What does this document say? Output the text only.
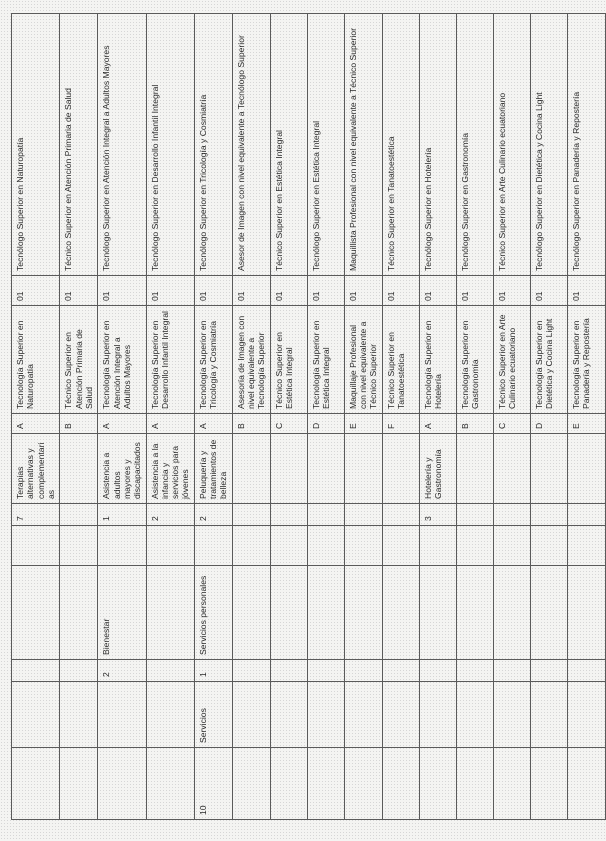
					7	Terapias alternativas y complementarias	A	Tecnología Superior en Naturopatía	01	Tecnólogo Superior en Naturopatía
							B	Técnico Superior en Atención Primaria de Salud	01	Técnico Superior en Atención Primaria de Salud
		2	Bienestar		1	Asistencia a adultos mayores y discapacitados	A	Tecnología Superior en Atención Integral a Adultos Mayores	01	Tecnólogo Superior en Atención Integral a Adultos Mayores
					2	Asistencia a la infancia y servicios para jóvenes	A	Tecnología Superior en Desarrollo Infantil Integral	01	Tecnólogo Superior en Desarrollo Infantil Integral
10	Servicios	1	Servicios personales		2	Peluquería y tratamientos de belleza	A	Tecnología Superior en Tricología y Cosmiatría	01	Tecnólogo Superior en Tricología y Cosmiatría
							B	Asesoría de Imagen con nivel equivalente a Tecnología Superior	01	Asesor de Imagen con nivel equivalente a Tecnólogo Superior
							C	Técnico Superior en Estética Integral	01	Técnico Superior en Estética Integral
							D	Tecnología Superior en Estética Integral	01	Tecnólogo Superior en Estética Integral
							E	Maquillaje Profesional con nivel equivalente a Técnico Superior	01	Maquillista Profesional con nivel equivalente a Técnico Superior
							F	Técnico Superior en Tanatoestética	01	Técnico Superior en Tanatoestética
					3	Hotelería y Gastronomía	A	Tecnología Superior en Hotelería	01	Tecnólogo Superior en Hotelería
							B	Tecnología Superior en Gastronomía	01	Tecnólogo Superior en Gastronomía
							C	Técnico Superior en Arte Culinario ecuatoriano	01	Técnico Superior en Arte Culinario ecuatoriano
							D	Tecnología Superior en Dietética y Cocina Light	01	Tecnólogo Superior en Dietética y Cocina Light
							E	Tecnología Superior en Panadería y Repostería	01	Tecnólogo Superior en Panadería y Repostería
